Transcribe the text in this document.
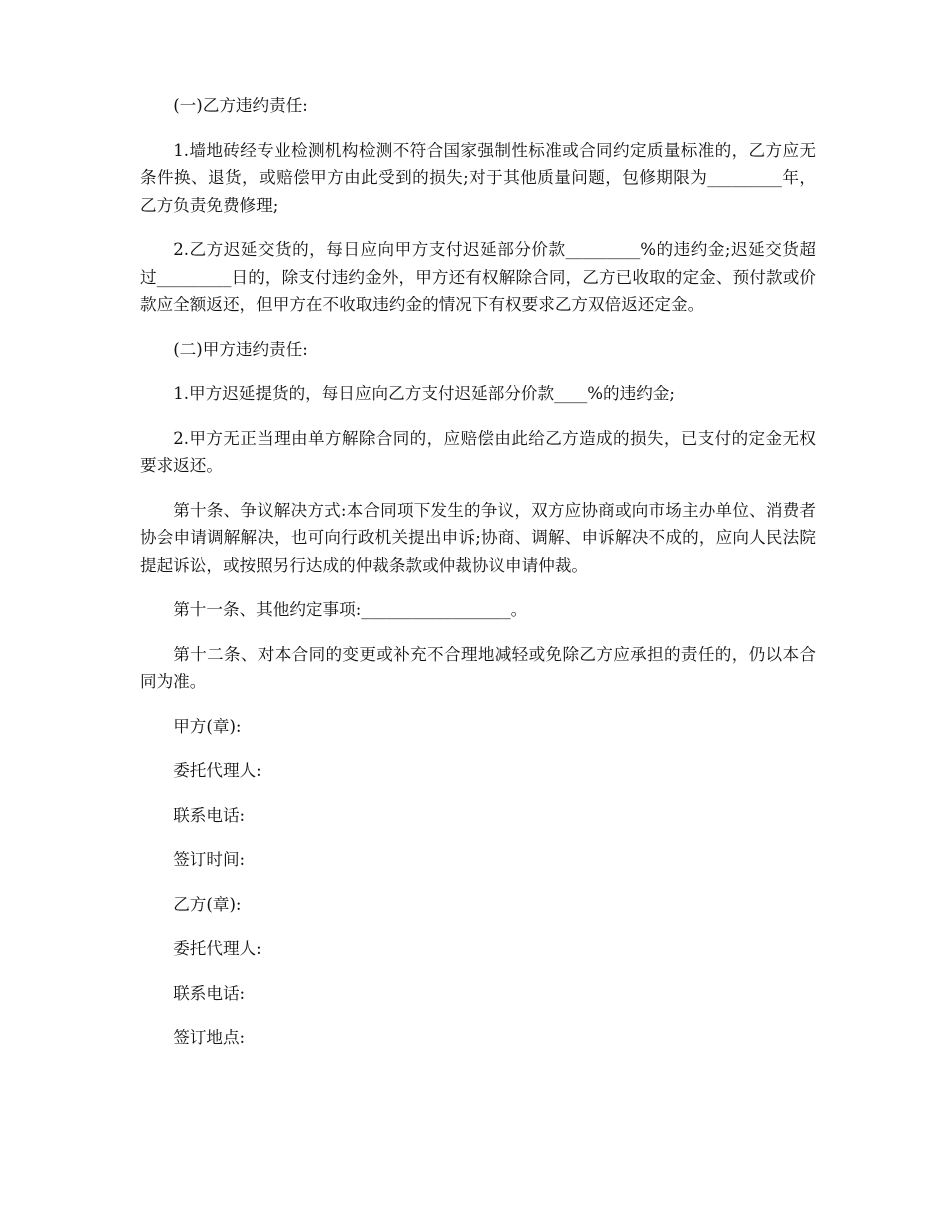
(一)乙方违约责任:

1.墙地砖经专业检测机构检测不符合国家强制性标准或合同约定质量标准的，乙方应无条件换、退货，或赔偿甲方由此受到的损失;对于其他质量问题，包修期限为_________年，乙方负责免费修理;

2.乙方迟延交货的，每日应向甲方支付迟延部分价款_________%的违约金;迟延交货超过_________日的，除支付违约金外，甲方还有权解除合同，乙方已收取的定金、预付款或价款应全额返还，但甲方在不收取违约金的情况下有权要求乙方双倍返还定金。

(二)甲方违约责任:

1.甲方迟延提货的，每日应向乙方支付迟延部分价款____%的违约金;

2.甲方无正当理由单方解除合同的，应赔偿由此给乙方造成的损失，已支付的定金无权要求返还。

第十条、争议解决方式:本合同项下发生的争议，双方应协商或向市场主办单位、消费者协会申请调解解决，也可向行政机关提出申诉;协商、调解、申诉解决不成的，应向人民法院提起诉讼，或按照另行达成的仲裁条款或仲裁协议申请仲裁。

第十一条、其他约定事项:__________________。

第十二条、对本合同的变更或补充不合理地减轻或免除乙方应承担的责任的，仍以本合同为准。

甲方(章):

委托代理人:

联系电话:

签订时间:

乙方(章):

委托代理人:

联系电话:

签订地点:
